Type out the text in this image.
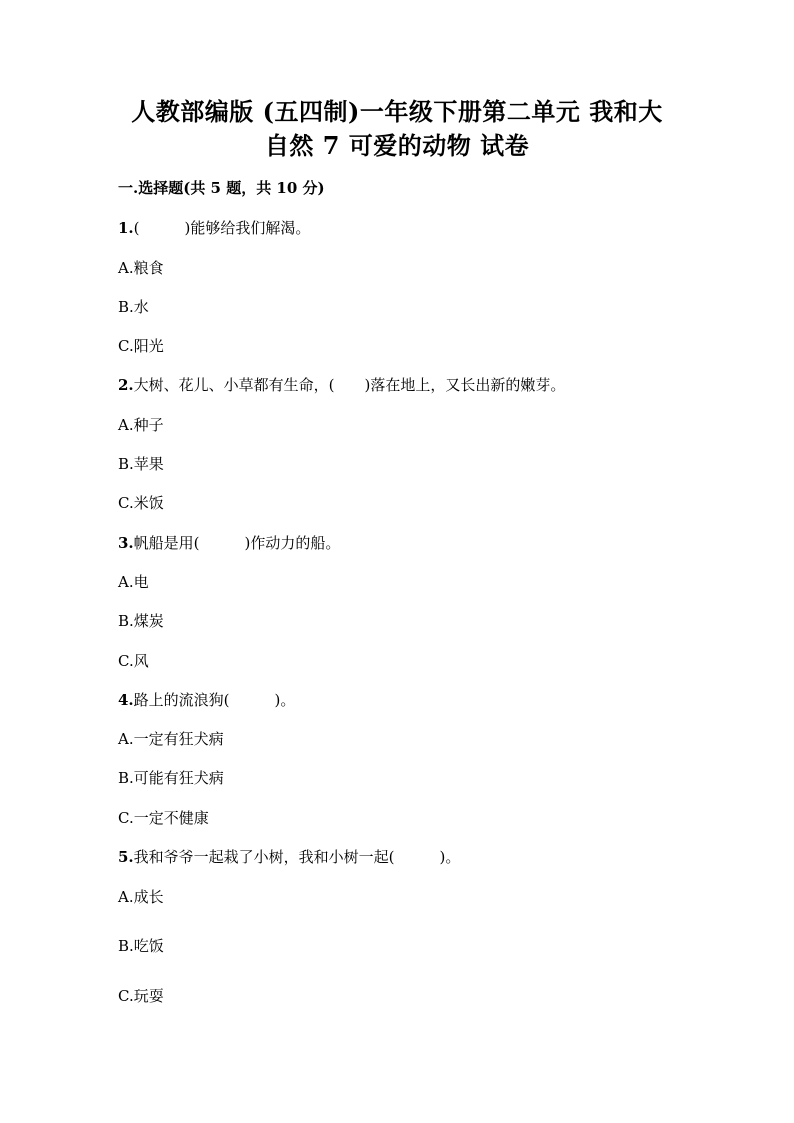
人教部编版 (五四制)一年级下册第二单元 我和大
自然 7 可爱的动物 试卷
一.选择题(共 5 题，共 10 分)
1.(　　　)能够给我们解渴。
A.粮食
B.水
C.阳光
2.大树、花儿、小草都有生命，(　　)落在地上，又长出新的嫩芽。
A.种子
B.苹果
C.米饭
3.帆船是用(　　　)作动力的船。
A.电
B.煤炭
C.风
4.路上的流浪狗(　　　)。
A.一定有狂犬病
B.可能有狂犬病
C.一定不健康
5.我和爷爷一起栽了小树，我和小树一起(　　　)。
A.成长
B.吃饭
C.玩耍
